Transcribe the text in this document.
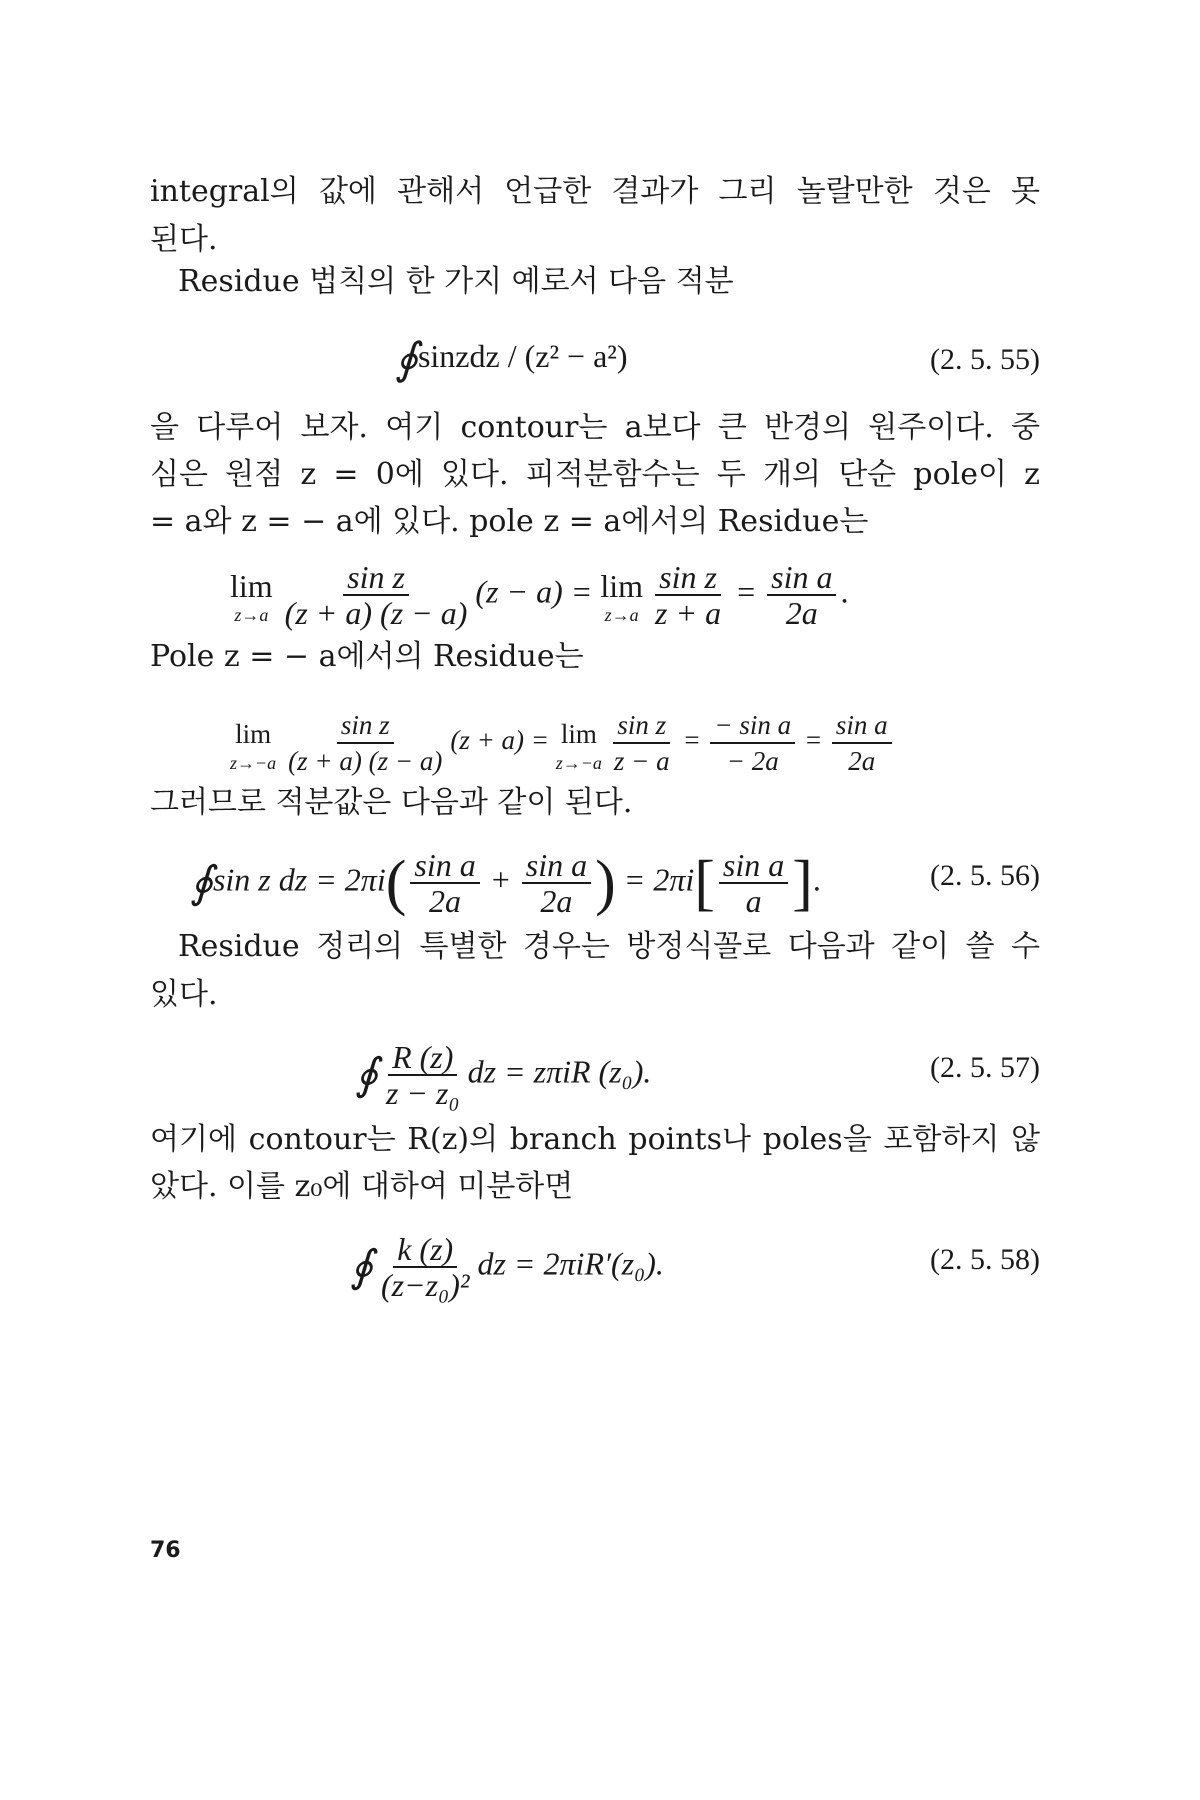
integral의 값에 관해서 언급한 결과가 그리 놀랄만한 것은 못
된다.
Residue 법칙의 한 가지 예로서 다음 적분
∮sinzdz / (z² − a²)	(2. 5. 55)
을 다루어 보자. 여기 contour는 a보다 큰 반경의 원주이다. 중
심은 원점 z = 0에 있다. 피적분함수는 두 개의 단순 pole이 z
= a와 z = − a에 있다. pole z = a에서의 Residue는
lim
$z\to a \frac{\text{sin z}}{(z + a) (z - a)} (z - a) = \lim$
$z\to a \frac{\text{sin z}}{z + a} = \frac{\text{sin a}}{2a}$ .
Pole z = − a에서의 Residue는
lim
$z\to-a \frac{\text{sin z}}{(z + a) (z - a)} (z + a) = \lim$
$z\to-a \frac{\text{sin z}}{z - a} = \frac{\text{− sin a}}{- 2a} = \frac{\text{sin a}}{2a}$
그러므로 적분값은 다음과 같이 된다.
∮sin z dz = $2\pi i( \frac{\text{sin a}}{2a} + \frac{\text{sin a}}{2a}$ ) = $2\pi i[ \frac{\text{sin a}}{a}$ ].	(2. 5. 56)
Residue 정리의 특별한 경우는 방정식꼴로 다음과 같이 쓸 수
있다.
∮ $\frac{R (z)}{\text{z − z₀}}$ dz = zπiR (z₀).	(2. 5. 57)
여기에 contour는 R(z)의 branch points나 poles을 포함하지 않
았다. 이를 z₀에 대하여 미분하면
∮ $\frac{k (z)}{\text{(z−z₀)²}}$ dz = 2πiR′(z₀).	(2. 5. 58)
76
